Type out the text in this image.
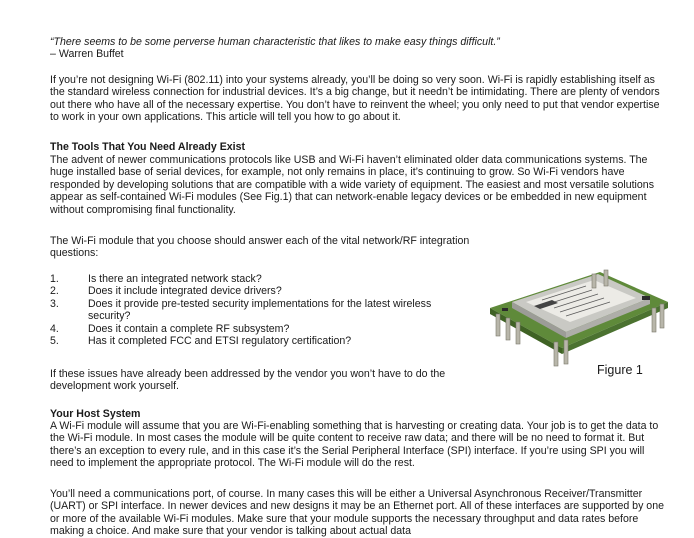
“There seems to be some perverse human characteristic that likes to make easy things difficult.”

– Warren Buffet

If you’re not designing Wi-Fi (802.11) into your systems already, you’ll be doing so very soon. Wi-Fi is rapidly establishing itself as the standard wireless connection for industrial devices. It’s a big change, but it needn’t be intimidating. There are plenty of vendors out there who have all of the necessary expertise. You don’t have to reinvent the wheel; you only need to put that vendor expertise to work in your own applications. This article will tell you how to go about it.

The Tools That You Need Already Exist

The advent of newer communications protocols like USB and Wi-Fi haven’t eliminated older data communications systems. The huge installed base of serial devices, for example, not only remains in place, it’s continuing to grow. So Wi-Fi vendors have responded by developing solutions that are compatible with a wide variety of equipment. The easiest and most versatile solutions appear as self-contained Wi-Fi modules (See Fig.1) that can network-enable legacy devices or be embedded in new equipment without compromising final functionality.

The Wi-Fi module that you choose should answer each of the vital network/RF integration questions:

1.	Is there an integrated network stack?
2.	Does it include integrated device drivers?
3.	Does it provide pre-tested security implementations for the latest wireless security?
4.	Does it contain a complete RF subsystem?
5.	Has it completed FCC and ETSI regulatory certification?

If these issues have already been addressed by the vendor you won’t have to do the development work yourself.

Figure 1

Your Host System

A Wi-Fi module will assume that you are Wi-Fi-enabling something that is harvesting or creating data. Your job is to get the data to the Wi-Fi module. In most cases the module will be quite content to receive raw data; and there will be no need to format it. But there’s an exception to every rule, and in this case it’s the Serial Peripheral Interface (SPI) interface. If you’re using SPI you will need to implement the appropriate protocol. The Wi-Fi module will do the rest.

You’ll need a communications port, of course. In many cases this will be either a Universal Asynchronous Receiver/Transmitter (UART) or SPI interface. In newer devices and new designs it may be an Ethernet port. All of these interfaces are supported by one or more of the available Wi-Fi modules. Make sure that your module supports the necessary throughput and data rates before making a choice. And make sure that your vendor is talking about actual data
